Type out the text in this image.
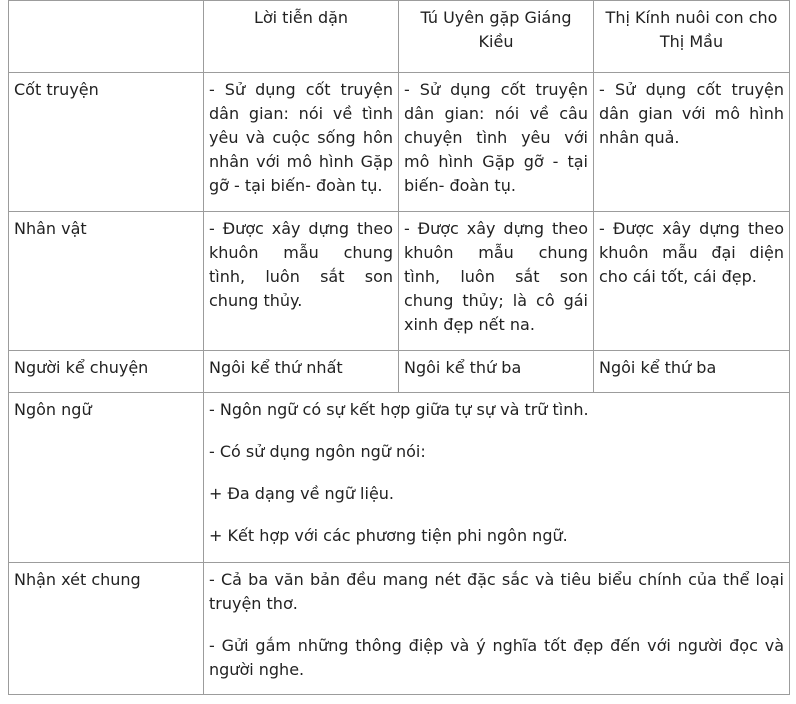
	Lời tiễn dặn	Tú Uyên gặp Giáng Kiều	Thị Kính nuôi con cho Thị Mầu
Cốt truyện	- Sử dụng cốt truyện dân gian: nói về tình yêu và cuộc sống hôn nhân với mô hình Gặp gỡ - tại biến- đoàn tụ.	- Sử dụng cốt truyện dân gian: nói về câu chuyện tình yêu với mô hình Gặp gỡ - tại biến- đoàn tụ.	- Sử dụng cốt truyện dân gian với mô hình nhân quả.
Nhân vật	- Được xây dựng theo khuôn mẫu chung tình, luôn sắt son chung thủy.	- Được xây dựng theo khuôn mẫu chung tình, luôn sắt son chung thủy; là cô gái xinh đẹp nết na.	- Được xây dựng theo khuôn mẫu đại diện cho cái tốt, cái đẹp.
Người kể chuyện	Ngôi kể thứ nhất	Ngôi kể thứ ba	Ngôi kể thứ ba
Ngôn ngữ	- Ngôn ngữ có sự kết hợp giữa tự sự và trữ tình.

- Có sử dụng ngôn ngữ nói:

+ Đa dạng về ngữ liệu.

+ Kết hợp với các phương tiện phi ngôn ngữ.		

Nhận xét chung	- Cả ba văn bản đều mang nét đặc sắc và tiêu biểu chính của thể loại truyện thơ.

- Gửi gắm những thông điệp và ý nghĩa tốt đẹp đến với người đọc và người nghe.		
